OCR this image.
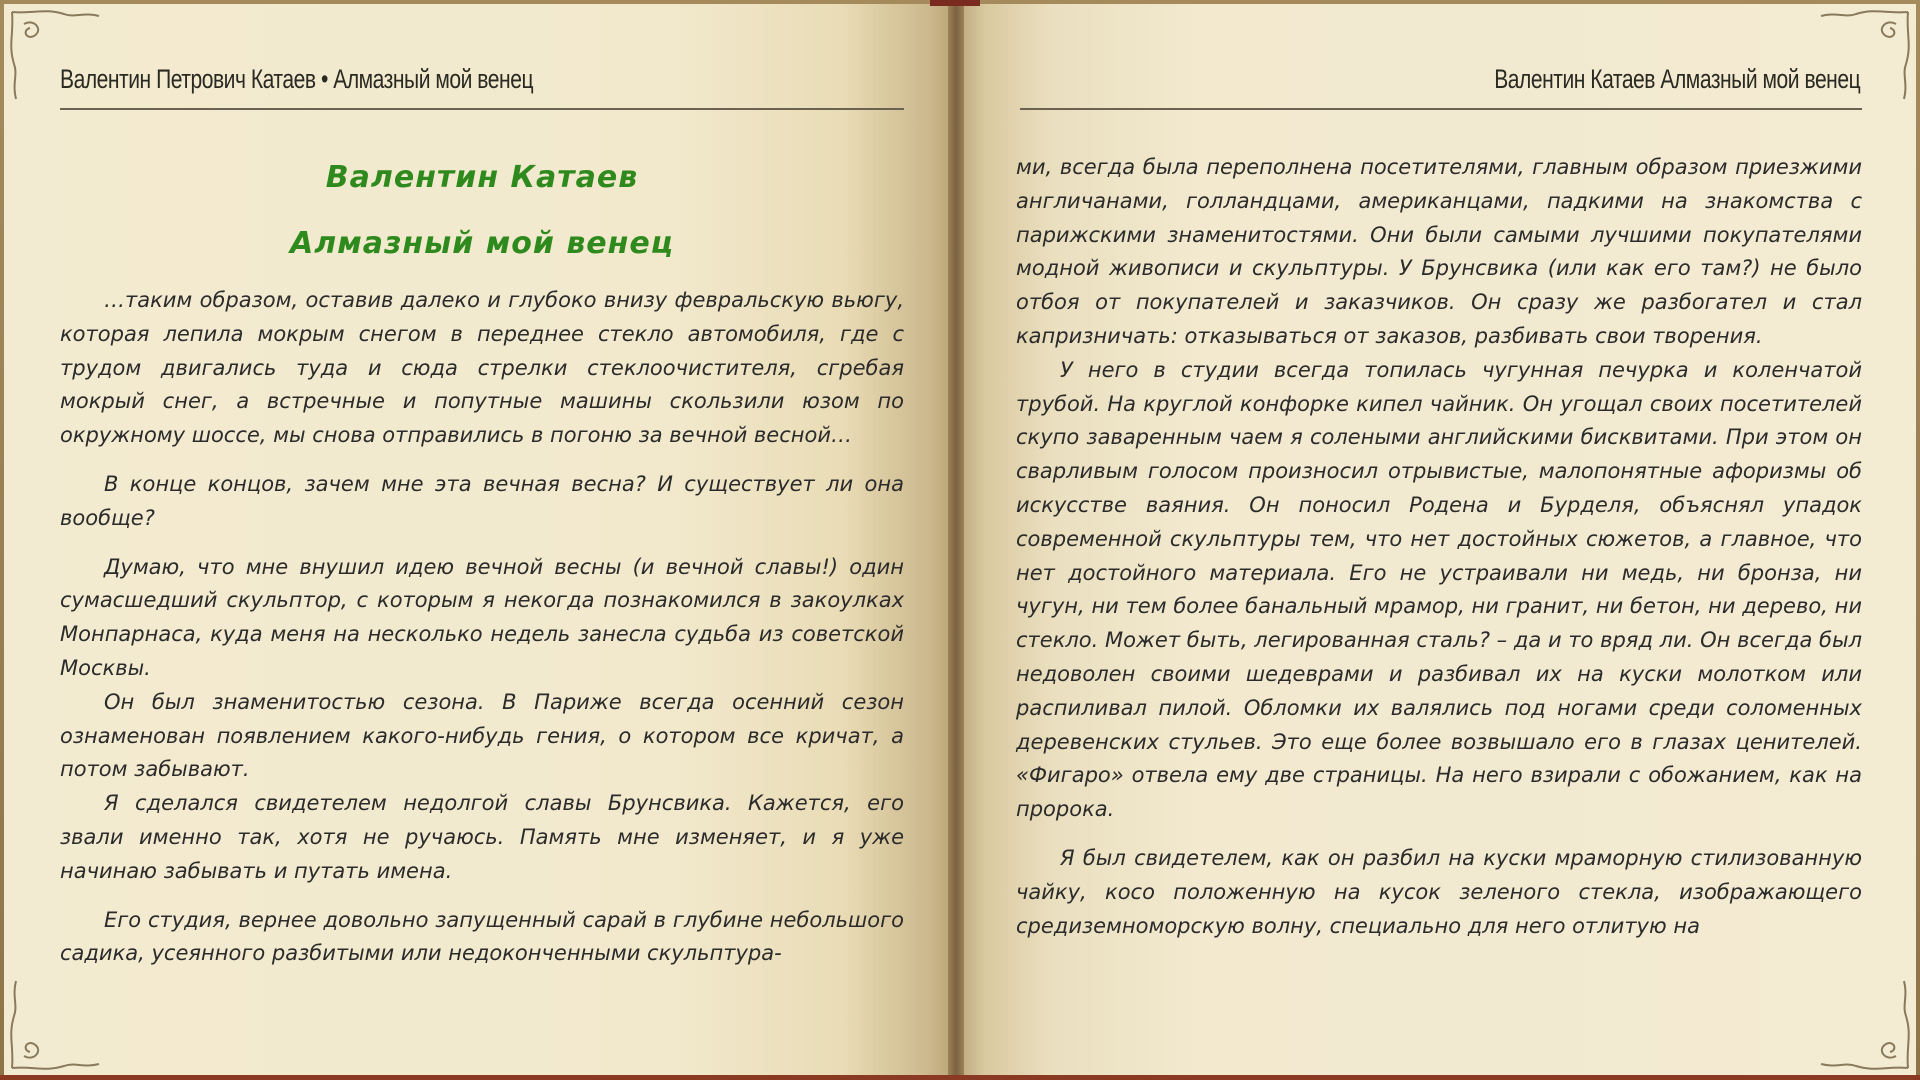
Валентин Петрович Катаев • Алмазный мой венец
Валентин Катаев
Алмазный мой венец

…таким образом, оставив далеко и глубоко внизу февральскую вьюгу, которая лепила мокрым снегом в переднее стекло автомобиля, где с трудом двигались туда и сюда стрелки стеклоочистителя, сгребая мокрый снег, а встречные и попутные машины скользили юзом по окружному шоссе, мы снова отправились в погоню за вечной весной…

В конце концов, зачем мне эта вечная весна? И существует ли она вообще?

Думаю, что мне внушил идею вечной весны (и вечной славы!) один сумасшедший скульптор, с которым я некогда познакомился в закоулках Монпарнаса, куда меня на несколько недель занесла судьба из советской Москвы.

Он был знаменитостью сезона. В Париже всегда осенний сезон ознаменован появлением какого-нибудь гения, о котором все кричат, а потом забывают.

Я сделался свидетелем недолгой славы Брунсвика. Кажется, его звали именно так, хотя не ручаюсь. Память мне изменяет, и я уже начинаю забывать и путать имена.

Его студия, вернее довольно запущенный сарай в глубине небольшого садика, усеянного разбитыми или недоконченными скульптура-

Валентин Катаев Алмазный мой венец

ми, всегда была переполнена посетителями, главным образом приезжими англичанами, голландцами, американцами, падкими на знакомства с парижскими знаменитостями. Они были самыми лучшими покупателями модной живописи и скульптуры. У Брунсвика (или как его там?) не было отбоя от покупателей и заказчиков. Он сразу же разбогател и стал капризничать: отказываться от заказов, разбивать свои творения.

У него в студии всегда топилась чугунная печурка и коленчатой трубой. На круглой конфорке кипел чайник. Он угощал своих посетителей скупо заваренным чаем я солеными английскими бисквитами. При этом он сварливым голосом произносил отрывистые, малопонятные афоризмы об искусстве ваяния. Он поносил Родена и Бурделя, объяснял упадок современной скульптуры тем, что нет достойных сюжетов, а главное, что нет достойного материала. Его не устраивали ни медь, ни бронза, ни чугун, ни тем более банальный мрамор, ни гранит, ни бетон, ни дерево, ни стекло. Может быть, легированная сталь? – да и то вряд ли. Он всегда был недоволен своими шедеврами и разбивал их на куски молотком или распиливал пилой. Обломки их валялись под ногами среди соломенных деревенских стульев. Это еще более возвышало его в глазах ценителей. «Фигаро» отвела ему две страницы. На него взирали с обожанием, как на пророка.

Я был свидетелем, как он разбил на куски мраморную стилизованную чайку, косо положенную на кусок зеленого стекла, изображающего средиземноморскую волну, специально для него отлитую на
